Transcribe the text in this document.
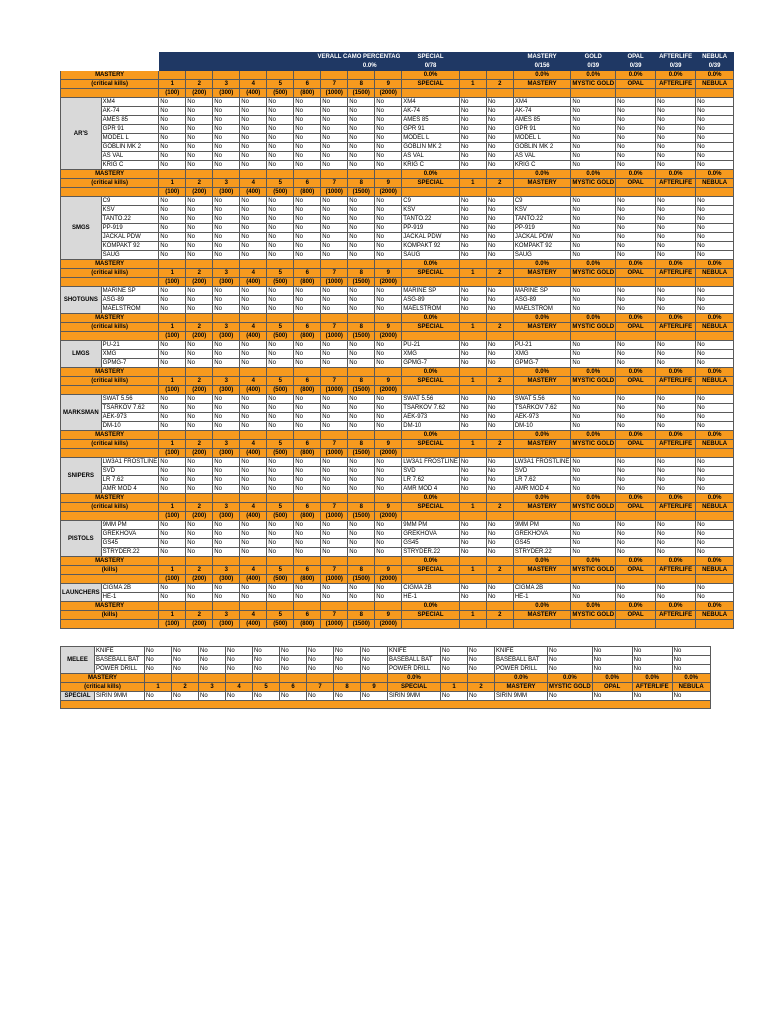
		VERALL CAMO PERCENTAG									SPECIAL			MASTERY	GOLD	OPAL	AFTERLIFE	NEBULA
		0.0%									0/78			0/156	0/39	0/39	0/39	0/39
MASTERY											0.0%			0.0%	0.0%	0.0%	0.0%	0.0%
(critical kills)		1	2	3	4	5	6	7	8	9	SPECIAL	1	2	MASTERY	MYSTIC GOLD	OPAL	AFTERLIFE	NEBULA
		(100)	(200)	(300)	(400)	(500)	(800)	(1000)	(1500)	(2000)								
AR'S	XM4	No	No	No	No	No	No	No	No	No	XM4	No	No	XM4	No	No	No	No
	AK-74	No	No	No	No	No	No	No	No	No	AK-74	No	No	AK-74	No	No	No	No
	AMES 85	No	No	No	No	No	No	No	No	No	AMES 85	No	No	AMES 85	No	No	No	No
	GPR 91	No	No	No	No	No	No	No	No	No	GPR 91	No	No	GPR 91	No	No	No	No
	MODEL L	No	No	No	No	No	No	No	No	No	MODEL L	No	No	MODEL L	No	No	No	No
	GOBLIN MK 2	No	No	No	No	No	No	No	No	No	GOBLIN MK 2	No	No	GOBLIN MK 2	No	No	No	No
	AS VAL	No	No	No	No	No	No	No	No	No	AS VAL	No	No	AS VAL	No	No	No	No
	KRIG C	No	No	No	No	No	No	No	No	No	KRIG C	No	No	KRIG C	No	No	No	No
MASTERY											0.0%			0.0%	0.0%	0.0%	0.0%	0.0%
(critical kills)		1	2	3	4	5	6	7	8	9	SPECIAL	1	2	MASTERY	MYSTIC GOLD	OPAL	AFTERLIFE	NEBULA
		(100)	(200)	(300)	(400)	(500)	(800)	(1000)	(1500)	(2000)								
SMGS	C9	No	No	No	No	No	No	No	No	No	C9	No	No	C9	No	No	No	No
	KSV	No	No	No	No	No	No	No	No	No	KSV	No	No	KSV	No	No	No	No
	TANTO.22	No	No	No	No	No	No	No	No	No	TANTO.22	No	No	TANTO.22	No	No	No	No
	PP-919	No	No	No	No	No	No	No	No	No	PP-919	No	No	PP-919	No	No	No	No
	JACKAL PDW	No	No	No	No	No	No	No	No	No	JACKAL PDW	No	No	JACKAL PDW	No	No	No	No
	KOMPAKT 92	No	No	No	No	No	No	No	No	No	KOMPAKT 92	No	No	KOMPAKT 92	No	No	No	No
	SAUG	No	No	No	No	No	No	No	No	No	SAUG	No	No	SAUG	No	No	No	No
MASTERY											0.0%			0.0%	0.0%	0.0%	0.0%	0.0%
(critical kills)		1	2	3	4	5	6	7	8	9	SPECIAL	1	2	MASTERY	MYSTIC GOLD	OPAL	AFTERLIFE	NEBULA
		(100)	(200)	(300)	(400)	(500)	(800)	(1000)	(1500)	(2000)								
SHOTGUNS	MARINE SP	No	No	No	No	No	No	No	No	No	MARINE SP	No	No	MARINE SP	No	No	No	No
	ASG-89	No	No	No	No	No	No	No	No	No	ASG-89	No	No	ASG-89	No	No	No	No
	MAELSTROM	No	No	No	No	No	No	No	No	No	MAELSTROM	No	No	MAELSTROM	No	No	No	No
MASTERY											0.0%			0.0%	0.0%	0.0%	0.0%	0.0%
(critical kills)		1	2	3	4	5	6	7	8	9	SPECIAL	1	2	MASTERY	MYSTIC GOLD	OPAL	AFTERLIFE	NEBULA
		(100)	(200)	(300)	(400)	(500)	(800)	(1000)	(1500)	(2000)								
LMGS	PU-21	No	No	No	No	No	No	No	No	No	PU-21	No	No	PU-21	No	No	No	No
	XMG	No	No	No	No	No	No	No	No	No	XMG	No	No	XMG	No	No	No	No
	GPMG-7	No	No	No	No	No	No	No	No	No	GPMG-7	No	No	GPMG-7	No	No	No	No
MASTERY											0.0%			0.0%	0.0%	0.0%	0.0%	0.0%
(critical kills)		1	2	3	4	5	6	7	8	9	SPECIAL	1	2	MASTERY	MYSTIC GOLD	OPAL	AFTERLIFE	NEBULA
		(100)	(200)	(300)	(400)	(500)	(800)	(1000)	(1500)	(2000)								
MARKSMAN	SWAT 5.56	No	No	No	No	No	No	No	No	No	SWAT 5.56	No	No	SWAT 5.56	No	No	No	No
	TSARKOV 7.62	No	No	No	No	No	No	No	No	No	TSARKOV 7.62	No	No	TSARKOV 7.62	No	No	No	No
	AEK-973	No	No	No	No	No	No	No	No	No	AEK-973	No	No	AEK-973	No	No	No	No
	DM-10	No	No	No	No	No	No	No	No	No	DM-10	No	No	DM-10	No	No	No	No
MASTERY											0.0%			0.0%	0.0%	0.0%	0.0%	0.0%
(critical kills)		1	2	3	4	5	6	7	8	9	SPECIAL	1	2	MASTERY	MYSTIC GOLD	OPAL	AFTERLIFE	NEBULA
		(100)	(200)	(300)	(400)	(500)	(800)	(1000)	(1500)	(2000)								
SNIPERS	LW3A1 FROSTLINE	No	No	No	No	No	No	No	No	No	LW3A1 FROSTLINE	No	No	LW3A1 FROSTLINE	No	No	No	No
	SVD	No	No	No	No	No	No	No	No	No	SVD	No	No	SVD	No	No	No	No
	LR 7.62	No	No	No	No	No	No	No	No	No	LR 7.62	No	No	LR 7.62	No	No	No	No
	AMR MOD 4	No	No	No	No	No	No	No	No	No	AMR MOD 4	No	No	AMR MOD 4	No	No	No	No
MASTERY											0.0%			0.0%	0.0%	0.0%	0.0%	0.0%
(critical kills)		1	2	3	4	5	6	7	8	9	SPECIAL	1	2	MASTERY	MYSTIC GOLD	OPAL	AFTERLIFE	NEBULA
		(100)	(200)	(300)	(400)	(500)	(800)	(1000)	(1500)	(2000)								
PISTOLS	9MM PM	No	No	No	No	No	No	No	No	No	9MM PM	No	No	9MM PM	No	No	No	No
	GREKHOVA	No	No	No	No	No	No	No	No	No	GREKHOVA	No	No	GREKHOVA	No	No	No	No
	GS45	No	No	No	No	No	No	No	No	No	GS45	No	No	GS45	No	No	No	No
	STRYDER.22	No	No	No	No	No	No	No	No	No	STRYDER.22	No	No	STRYDER.22	No	No	No	No
MASTERY											0.0%			0.0%	0.0%	0.0%	0.0%	0.0%
(kills)		1	2	3	4	5	6	7	8	9	SPECIAL	1	2	MASTERY	MYSTIC GOLD	OPAL	AFTERLIFE	NEBULA
		(100)	(200)	(300)	(400)	(500)	(800)	(1000)	(1500)	(2000)								
LAUNCHERS	CIGMA 2B	No	No	No	No	No	No	No	No	No	CIGMA 2B	No	No	CIGMA 2B	No	No	No	No
	HE-1	No	No	No	No	No	No	No	No	No	HE-1	No	No	HE-1	No	No	No	No
MASTERY											0.0%			0.0%	0.0%	0.0%	0.0%	0.0%
(kills)		1	2	3	4	5	6	7	8	9	SPECIAL	1	2	MASTERY	MYSTIC GOLD	OPAL	AFTERLIFE	NEBULA
		(100)	(200)	(300)	(400)	(500)	(800)	(1000)	(1500)	(2000)								
MELEE	KNIFE	No	No	No	No	No	No	No	No	No	KNIFE	No	No	KNIFE	No	No	No	No
	BASEBALL BAT	No	No	No	No	No	No	No	No	No	BASEBALL BAT	No	No	BASEBALL BAT	No	No	No	No
	POWER DRILL	No	No	No	No	No	No	No	No	No	POWER DRILL	No	No	POWER DRILL	No	No	No	No
MASTERY											0.0%			0.0%	0.0%	0.0%	0.0%	0.0%
(critical kills)		1	2	3	4	5	6	7	8	9	SPECIAL	1	2	MASTERY	MYSTIC GOLD	OPAL	AFTERLIFE	NEBULA
SPECIAL	SIRIN 9MM	No	No	No	No	No	No	No	No	No	SIRIN 9MM	No	No	SIRIN 9MM	No	No	No	No
